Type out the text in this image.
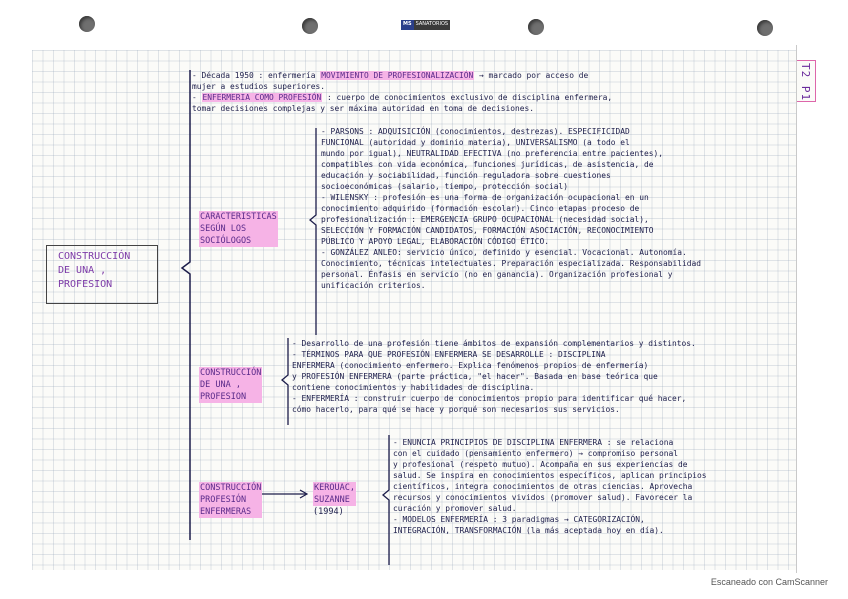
MS SANATORIOS
T2 P1
CONSTRUCCIÓN
DE UNA ,
PROFESION
- Década 1950 : enfermería MOVIMIENTO DE PROFESIONALIZACIÓN → marcado por acceso de
mujer a estudios superiores.
- ENFERMERIA COMO PROFESIÓN : cuerpo de conocimientos exclusivo de disciplina enfermera,
tomar decisiones complejas y ser máxima autoridad en toma de decisiones.
CARACTERISTICAS
SEGÚN LOS
SOCIÓLOGOS
- PARSONS : ADQUISICIÓN (conocimientos, destrezas). ESPECIFICIDAD
FUNCIONAL (autoridad y dominio materia), UNIVERSALISMO (a todo el
mundo por igual), NEUTRALIDAD EFECTIVA (no preferencia entre pacientes),
compatibles con vida económica, funciones jurídicas, de asistencia, de
educación y sociabilidad, función reguladora sobre cuestiones
socioeconómicas (salario, tiempo, protección social)
- WILENSKY : profesión es una forma de organización ocupacional en un
conocimiento adquirido (formación escolar). Cinco etapas proceso de
profesionalización : EMERGENCIA GRUPO OCUPACIONAL (necesidad social),
SELECCIÓN Y FORMACIÓN CANDIDATOS, FORMACIÓN ASOCIACIÓN, RECONOCIMIENTO
PÚBLICO Y APOYO LEGAL, ELABORACIÓN CÓDIGO ÉTICO.
- GONZÁLEZ ANLEO: servicio único, definido y esencial. Vocacional. Autonomía.
Conocimiento, técnicas intelectuales. Preparación especializada. Responsabilidad
personal. Énfasis en servicio (no en ganancia). Organización profesional y
unificación criterios.
CONSTRUCCIÓN
DE UNA ,
PROFESION
- Desarrollo de una profesión tiene ámbitos de expansión complementarios y distintos.
- TÉRMINOS PARA QUE PROFESIÓN ENFERMERA SE DESARROLLE : DISCIPLINA
ENFERMERA (conocimiento enfermero. Explica fenómenos propios de enfermería)
y PROFESIÓN ENFERMERA (parte práctica, "el hacer". Basada en base teórica que
contiene conocimientos y habilidades de disciplina.
- ENFERMERÍA : construir cuerpo de conocimientos propio para identificar qué hacer,
cómo hacerlo, para qué se hace y porqué son necesarios sus servicios.
CONSTRUCCIÓN
PROFESIÓN
ENFERMERAS
KEROUAC,
SUZANNE
(1994)
- ENUNCIA PRINCIPIOS DE DISCIPLINA ENFERMERA : se relaciona
con el cuidado (pensamiento enfermero) → compromiso personal
y profesional (respeto mutuo). Acompaña en sus experiencias de
salud. Se inspira en conocimientos específicos, aplican principios
científicos, integra conocimientos de otras ciencias. Aprovecha
recursos y conocimientos vividos (promover salud). Favorecer la
curación y promover salud.
- MODELOS ENFERMERÍA : 3 paradigmas → CATEGORIZACIÓN,
INTEGRACIÓN, TRANSFORMACIÓN (la más aceptada hoy en día).
Escaneado con CamScanner
